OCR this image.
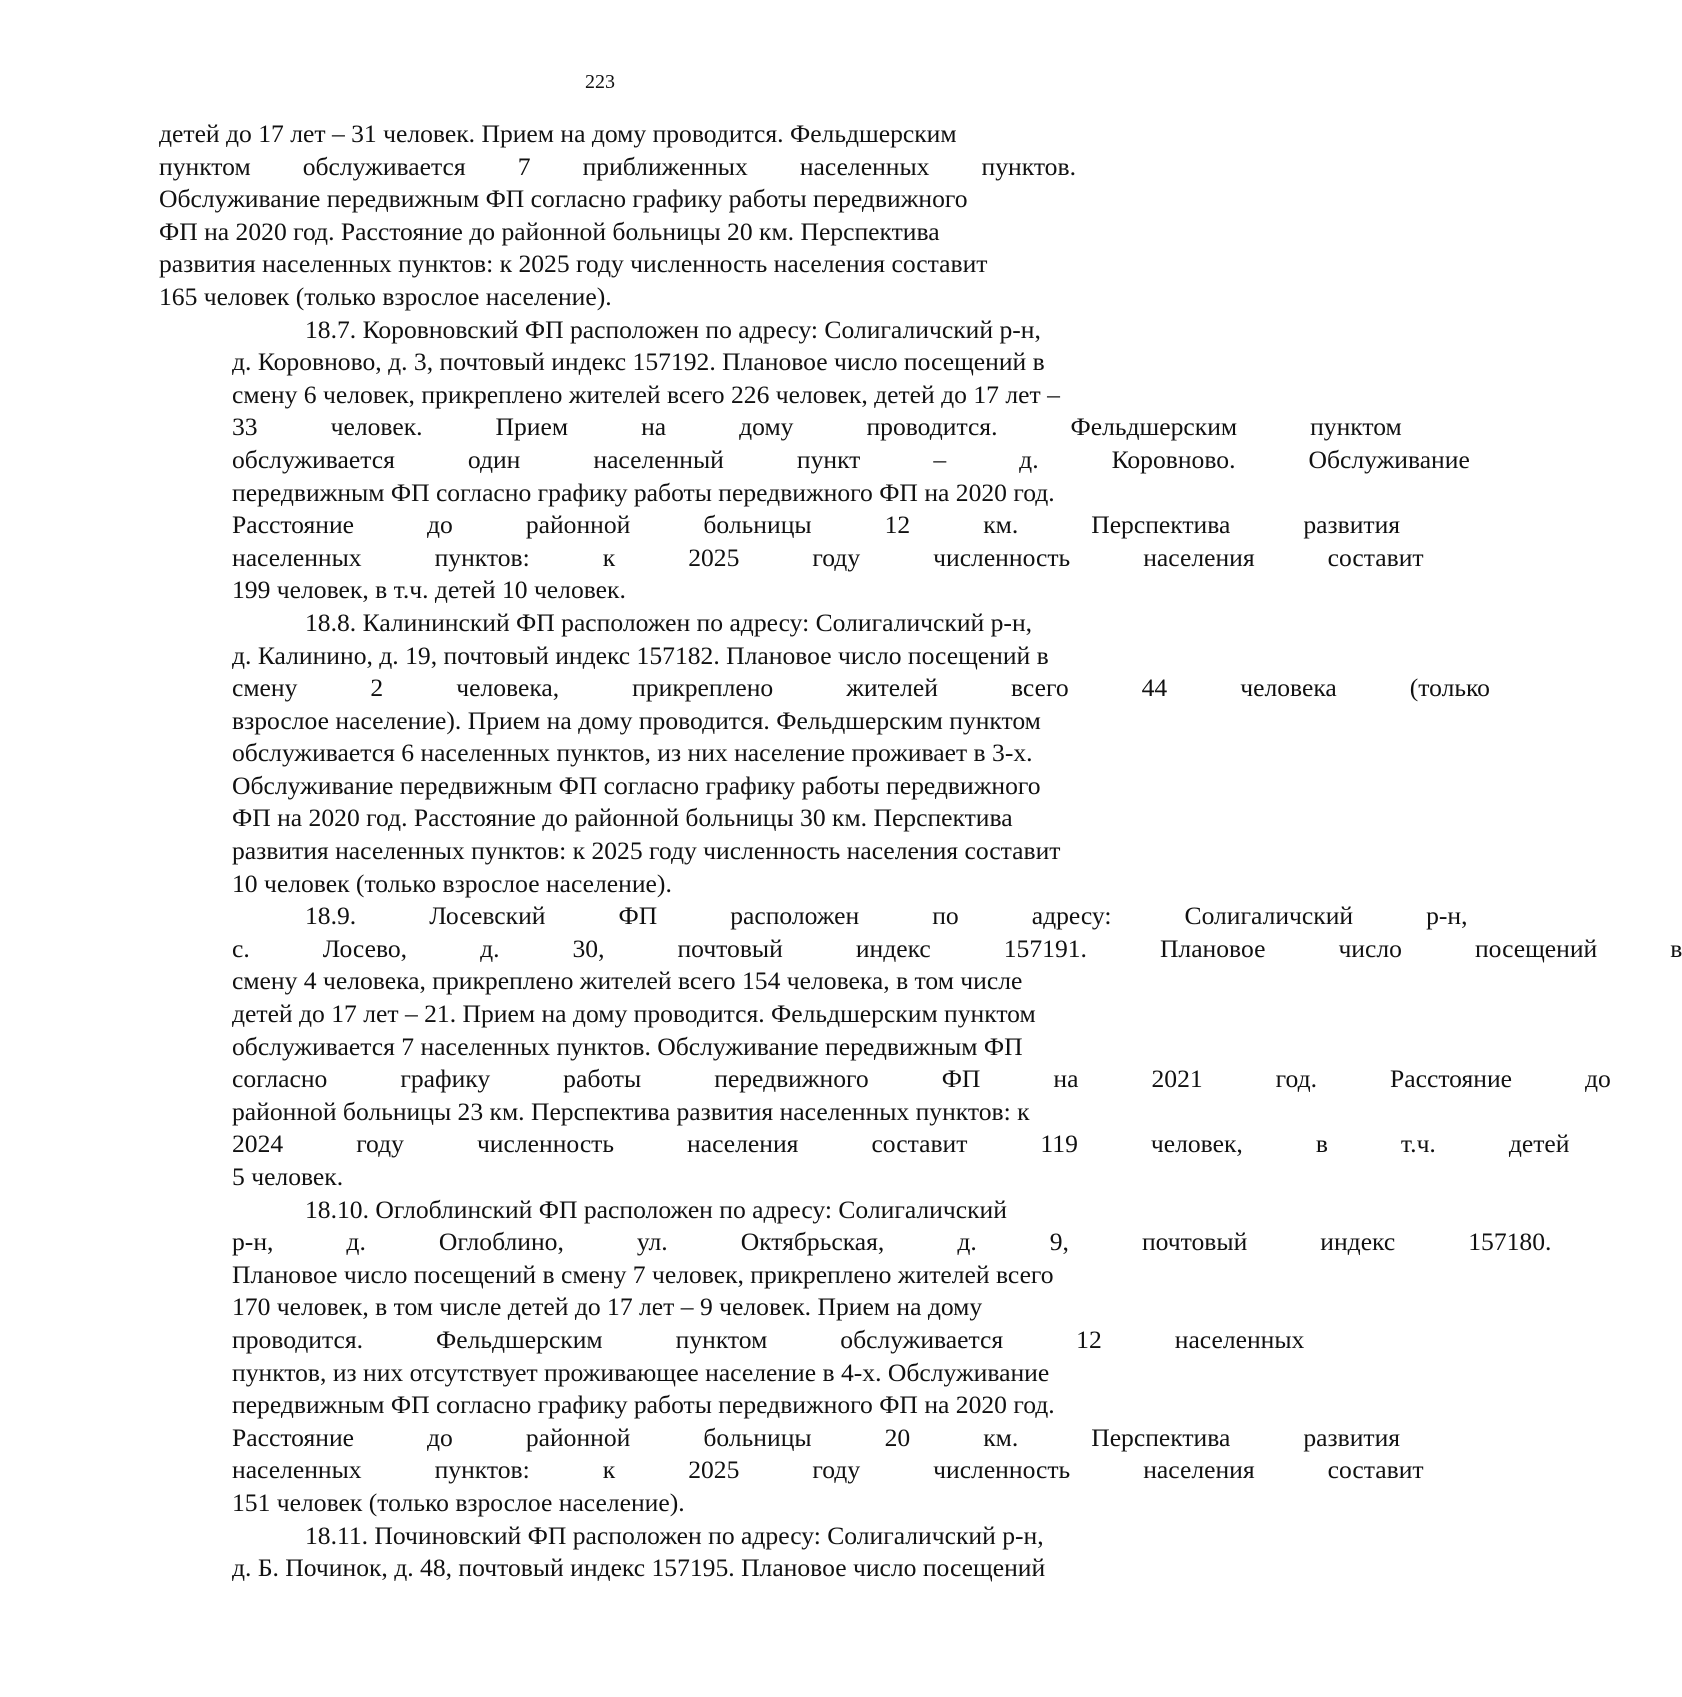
223
детей до 17 лет – 31 человек. Прием на дому проводится. Фельдшерским
пунктом обслуживается 7 приближенных населенных пунктов.
Обслуживание передвижным ФП согласно графику работы передвижного
ФП на 2020 год. Расстояние до районной больницы 20 км. Перспектива
развития населенных пунктов: к 2025 году численность населения составит
165 человек (только взрослое население).
18.7. Коровновский ФП расположен по адресу: Солигаличский р-н,
д. Коровново, д. 3, почтовый индекс 157192. Плановое число посещений в
смену 6 человек, прикреплено жителей всего 226 человек, детей до 17 лет –
33	человек.	Прием	на	дому	проводится.	Фельдшерским	пунктом
обслуживается	один	населенный	пункт	–	д.	Коровново.	Обслуживание
передвижным ФП согласно графику работы передвижного ФП на 2020 год.
Расстояние	до	районной	больницы	12	км.	Перспектива	развития
населенных	пунктов:	к	2025	году	численность	населения	составит
199 человек, в т.ч. детей 10 человек.
18.8. Калининский ФП расположен по адресу: Солигаличский р-н,
д. Калинино, д. 19, почтовый индекс 157182. Плановое число посещений в
смену	2	человека,	прикреплено	жителей	всего	44	человека	(только
взрослое население). Прием на дому проводится. Фельдшерским пунктом
обслуживается 6 населенных пунктов, из них население проживает в 3-х.
Обслуживание передвижным ФП согласно графику работы передвижного
ФП на 2020 год. Расстояние до районной больницы 30 км. Перспектива
развития населенных пунктов: к 2025 году численность населения составит
10 человек (только взрослое население).
18.9.	Лосевский	ФП	расположен	по	адресу:	Солигаличский	р-н,
с.	Лосево,	д.	30,	почтовый	индекс	157191.	Плановое	число	посещений	в
смену 4 человека, прикреплено жителей всего 154 человека, в том числе
детей до 17 лет – 21. Прием на дому проводится. Фельдшерским пунктом
обслуживается 7 населенных пунктов. Обслуживание передвижным ФП
согласно	графику	работы	передвижного	ФП	на	2021	год.	Расстояние	до
районной больницы 23 км. Перспектива развития населенных пунктов: к
2024	году	численность	населения	составит	119	человек,	в	т.ч.	детей
5 человек.
18.10. Оглоблинский ФП расположен по адресу: Солигаличский
р-н,	д.	Оглоблино,	ул.	Октябрьская,	д.	9,	почтовый	индекс	157180.
Плановое число посещений в смену 7 человек, прикреплено жителей всего
170 человек, в том числе детей до 17 лет – 9 человек. Прием на дому
проводится.	Фельдшерским	пунктом	обслуживается	12	населенных
пунктов, из них отсутствует проживающее население в 4-х. Обслуживание
передвижным ФП согласно графику работы передвижного ФП на 2020 год.
Расстояние	до	районной	больницы	20	км.	Перспектива	развития
населенных	пунктов:	к	2025	году	численность	населения	составит
151 человек (только взрослое население).
18.11. Починовский ФП расположен по адресу: Солигаличский р-н,
д. Б. Починок, д. 48, почтовый индекс 157195. Плановое число посещений
